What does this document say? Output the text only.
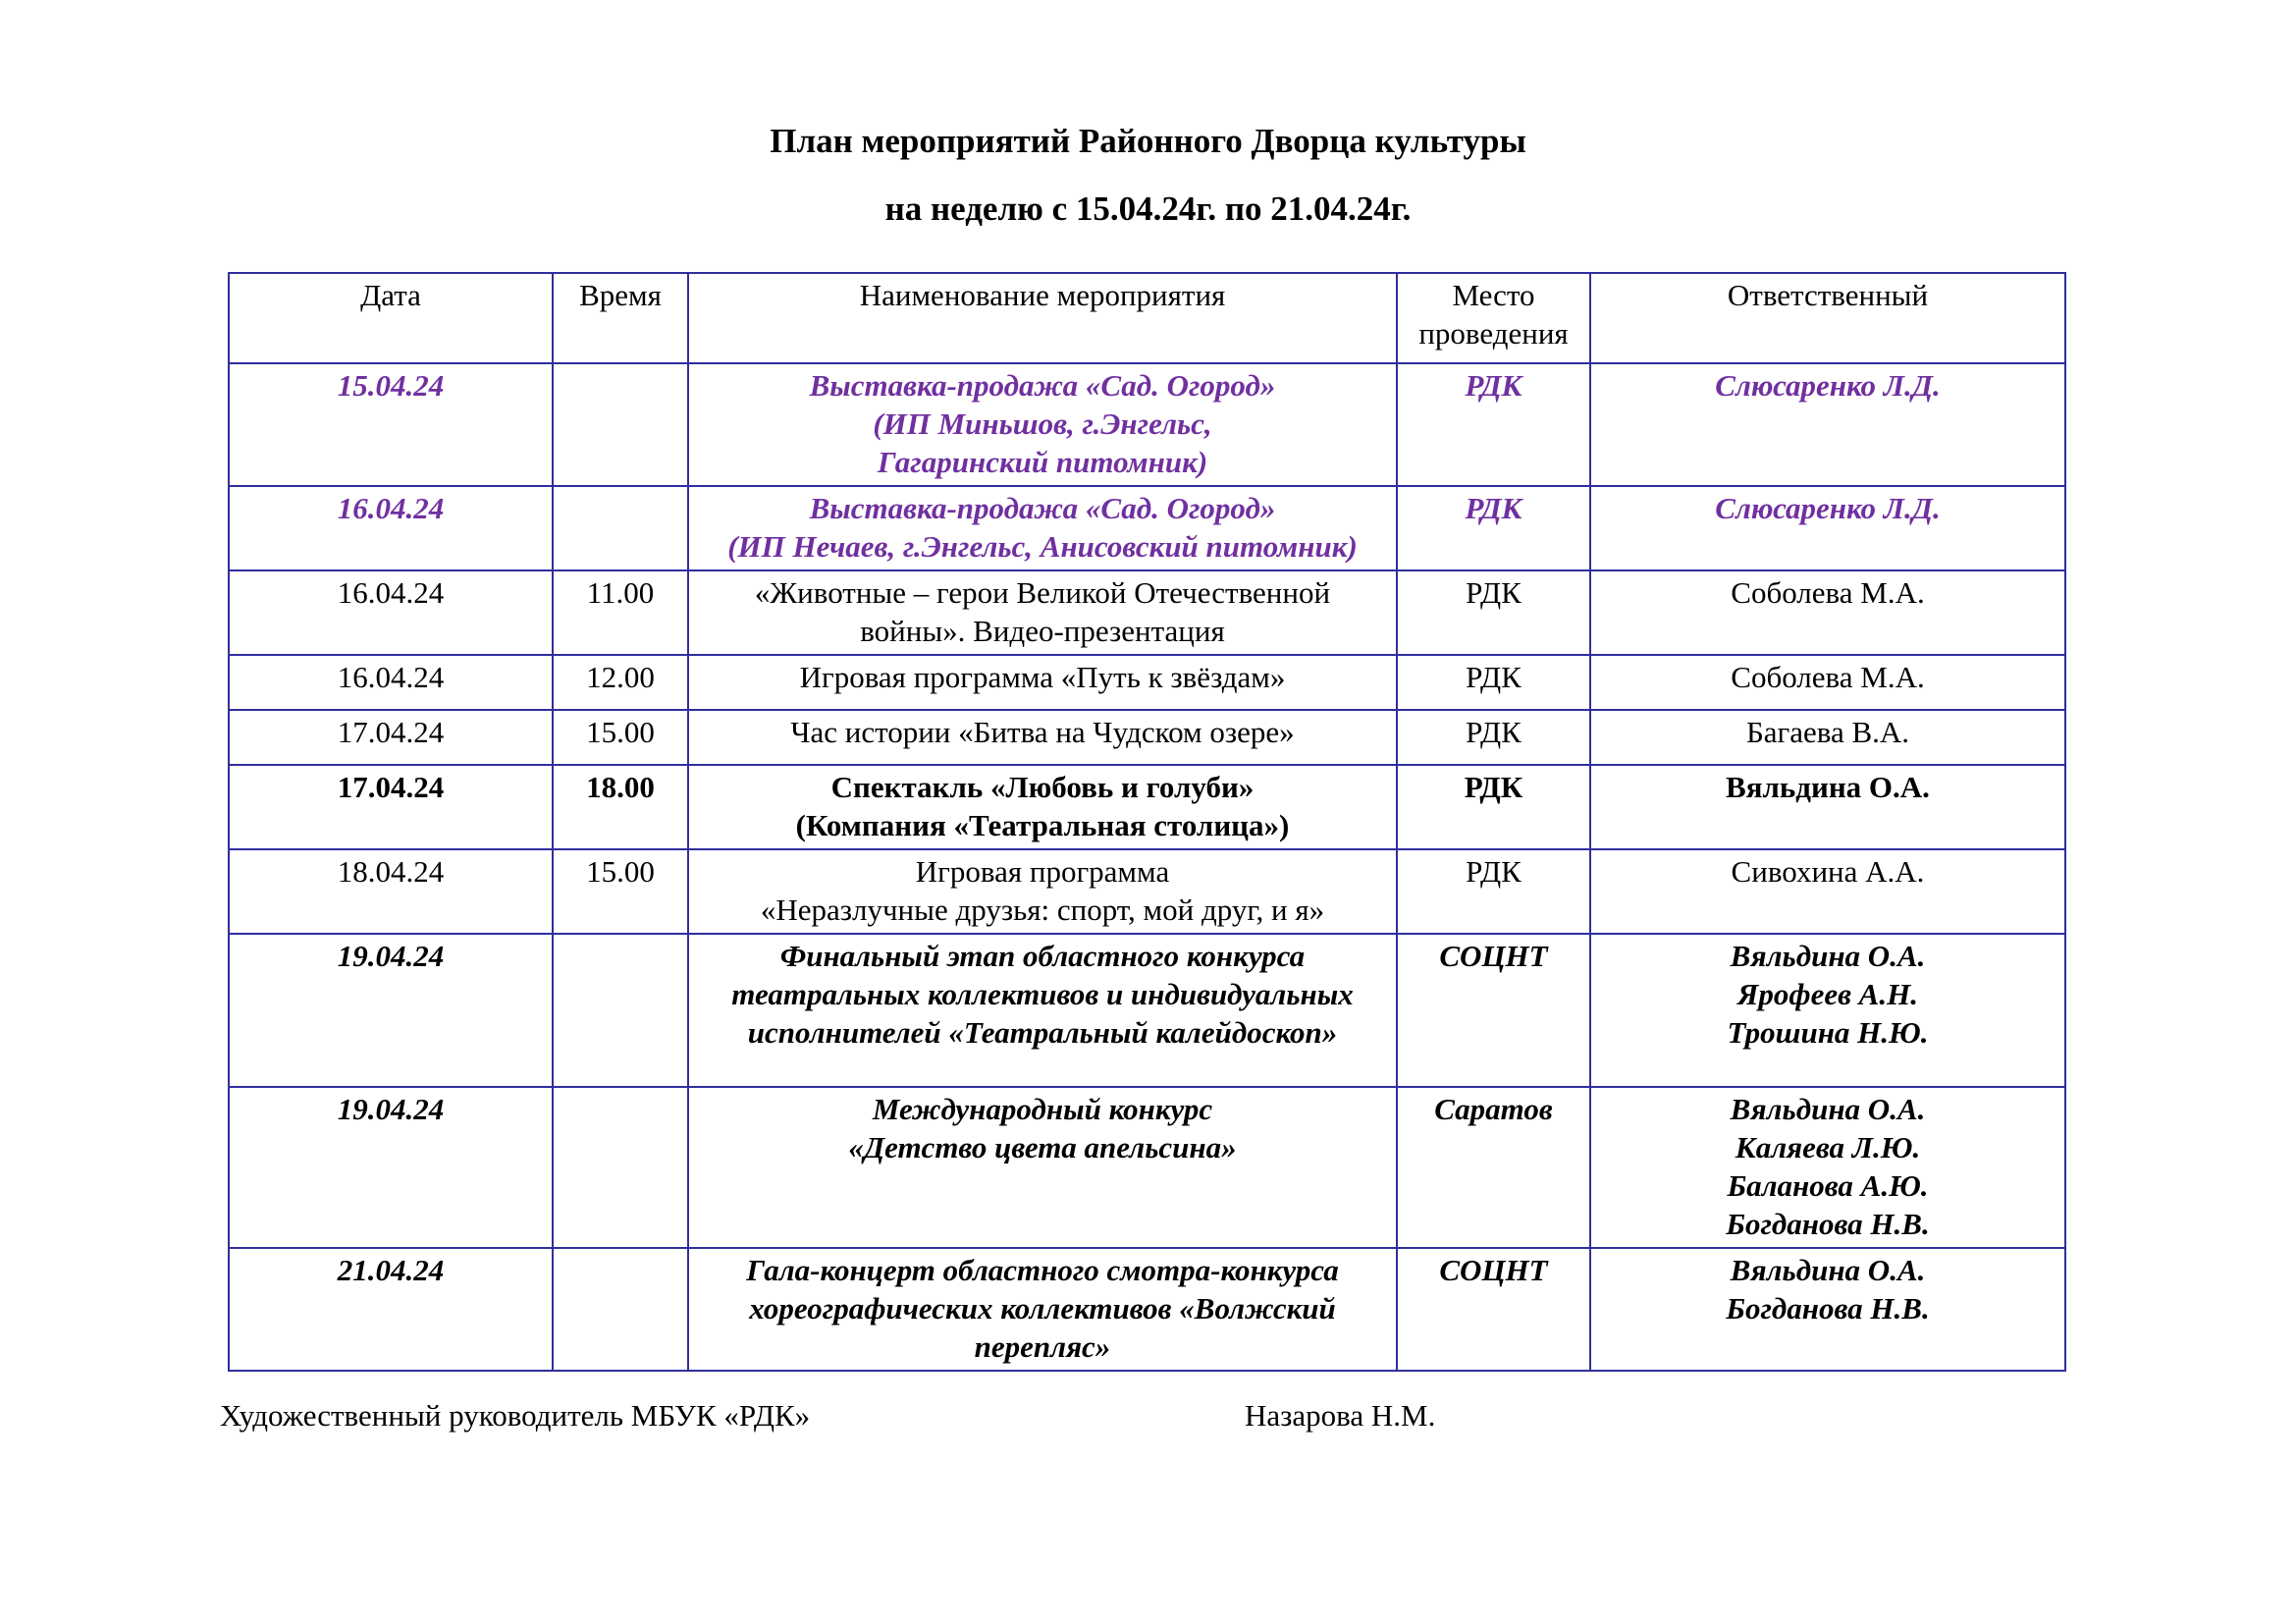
План мероприятий Районного Дворца культуры
на неделю с 15.04.24г. по 21.04.24г.
Дата	Время	Наименование мероприятия	Место
проведения	Ответственный
15.04.24		Выставка-продажа «Сад. Огород»
(ИП Миньшов, г.Энгельс,
Гагаринский питомник)	РДК	Слюсаренко Л.Д.

16.04.24		Выставка-продажа «Сад. Огород»
(ИП Нечаев, г.Энгельс, Анисовский питомник)	РДК	Слюсаренко Л.Д.

16.04.24	11.00	«Животные – герои Великой Отечественной
войны». Видео-презентация	РДК	Соболева М.А.

16.04.24	12.00	Игровая программа «Путь к звёздам»	РДК	Соболева М.А.

17.04.24	15.00	Час истории «Битва на Чудском озере»	РДК	Багаева В.А.

17.04.24	18.00	Спектакль «Любовь и голуби»
(Компания «Театральная столица»)	РДК	Вяльдина О.А.

18.04.24	15.00	Игровая программа
«Неразлучные друзья: спорт, мой друг, и я»	РДК	Сивохина А.А.

19.04.24		Финальный этап областного конкурса
театральных коллективов и индивидуальных
исполнителей «Театральный калейдоскоп»	СОЦНТ	Вяльдина О.А.
Ярофеев А.Н.
Трошина Н.Ю.

19.04.24		Международный конкурс
«Детство цвета апельсина»	Саратов	Вяльдина О.А.
Каляева Л.Ю.
Баланова А.Ю.
Богданова Н.В.

21.04.24		Гала-концерт областного смотра-конкурса
хореографических коллективов «Волжский
перепляс»	СОЦНТ	Вяльдина О.А.
Богданова Н.В.

Художественный руководитель МБУК «РДК»	Назарова Н.М.
